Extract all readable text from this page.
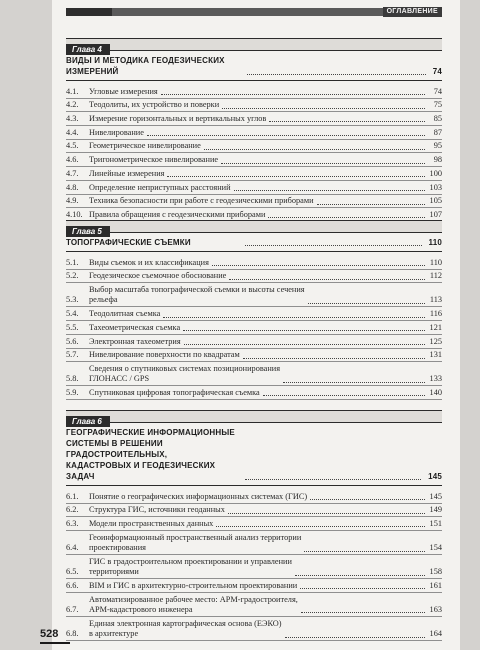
ОГЛАВЛЕНИЕ
Глава 4
ВИДЫ И МЕТОДИКА ГЕОДЕЗИЧЕСКИХ ИЗМЕРЕНИЙ	74
4.1.	Угловые измерения	74
4.2.	Теодолиты, их устройство и поверки	75
4.3.	Измерение горизонтальных и вертикальных углов	85
4.4.	Нивелирование	87
4.5.	Геометрическое нивелирование	95
4.6.	Тригонометрическое нивелирование	98
4.7.	Линейные измерения	100
4.8.	Определение неприступных расстояний	103
4.9.	Техника безопасности при работе с геодезическими приборами	105
4.10. Правила обращения с геодезическими приборами	107
Глава 5
ТОПОГРАФИЧЕСКИЕ СЪЕМКИ	110
5.1.	Виды съемок и их классификация	110
5.2.	Геодезическое съемочное обоснование	112
5.3.
Выбор масштаба топографической съемки и высоты сечения
рельефа	113
5.4.	Теодолитная съемка	116
5.5.	Тахеометрическая съемка	121
5.6.	Электронная тахеометрия	125
5.7.	Нивелирование поверхности по квадратам	131
5.8.
Сведения о спутниковых системах позиционирования
ГЛОНАСС / GPS	133
5.9.	Спутниковая цифровая топографическая съемка	140
Глава 6
ГЕОГРАФИЧЕСКИЕ ИНФОРМАЦИОННЫЕ СИСТЕМЫ В РЕШЕНИИ ГРАДОСТРОИТЕЛЬНЫХ,
КАДАСТРОВЫХ И ГЕОДЕЗИЧЕСКИХ ЗАДАЧ	145
6.1.	Понятие о географических информационных системах (ГИС)	145
6.2.	Структура ГИС, источники геоданных	149
6.3.	Модели пространственных данных	151
6.4.
Геоинформационный пространственный анализ территории
проектирования	154
6.5.
ГИС в градостроительном проектировании и управлении
территориями	158
6.6.	BIM и ГИС в архитектурно-строительном проектировании	161
6.7.
Автоматизированное рабочее место: АРМ-градостроителя,
АРМ-кадастрового инженера	163
6.8.
Единая электронная картографическая основа (ЕЭКО)
в архитектуре	164
528
